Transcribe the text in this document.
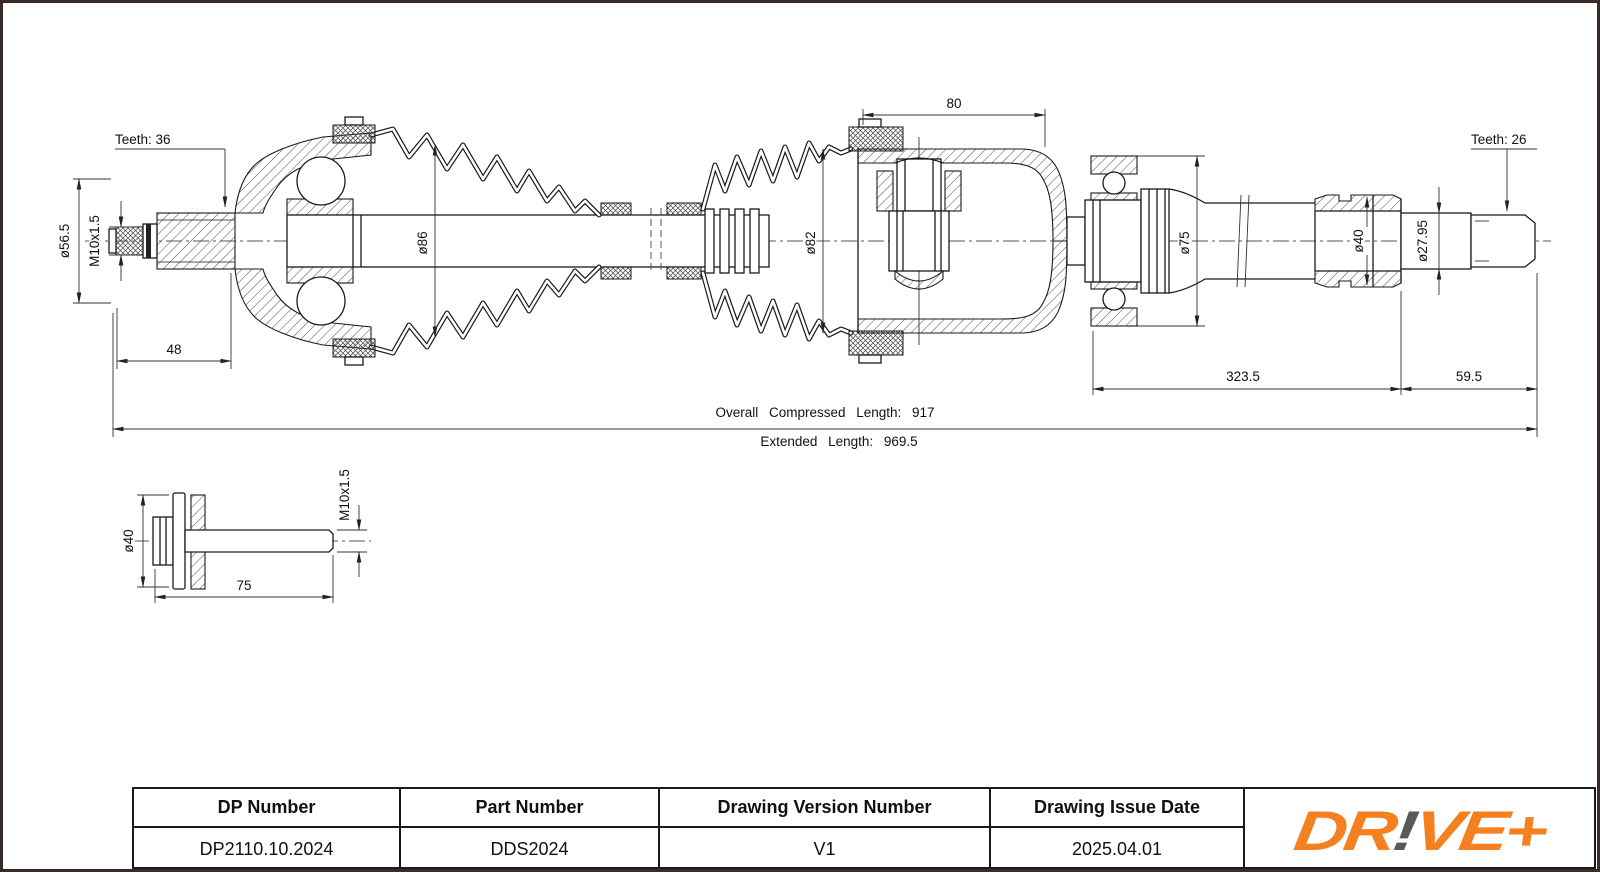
Teeth: 36
ø56.5 M10x1.5
48
ø86	ø82
80
ø75	ø40	ø27.95
Teeth: 26
323.5	59.5
Overall Compressed Length: 917
Extended Length: 969.5
ø40
75
M10x1.5
DP Number	Part Number	Drawing Version Number	Drawing Issue Date	DR!VE+
DP2110.10.2024	DDS2024	V1	2025.04.01
